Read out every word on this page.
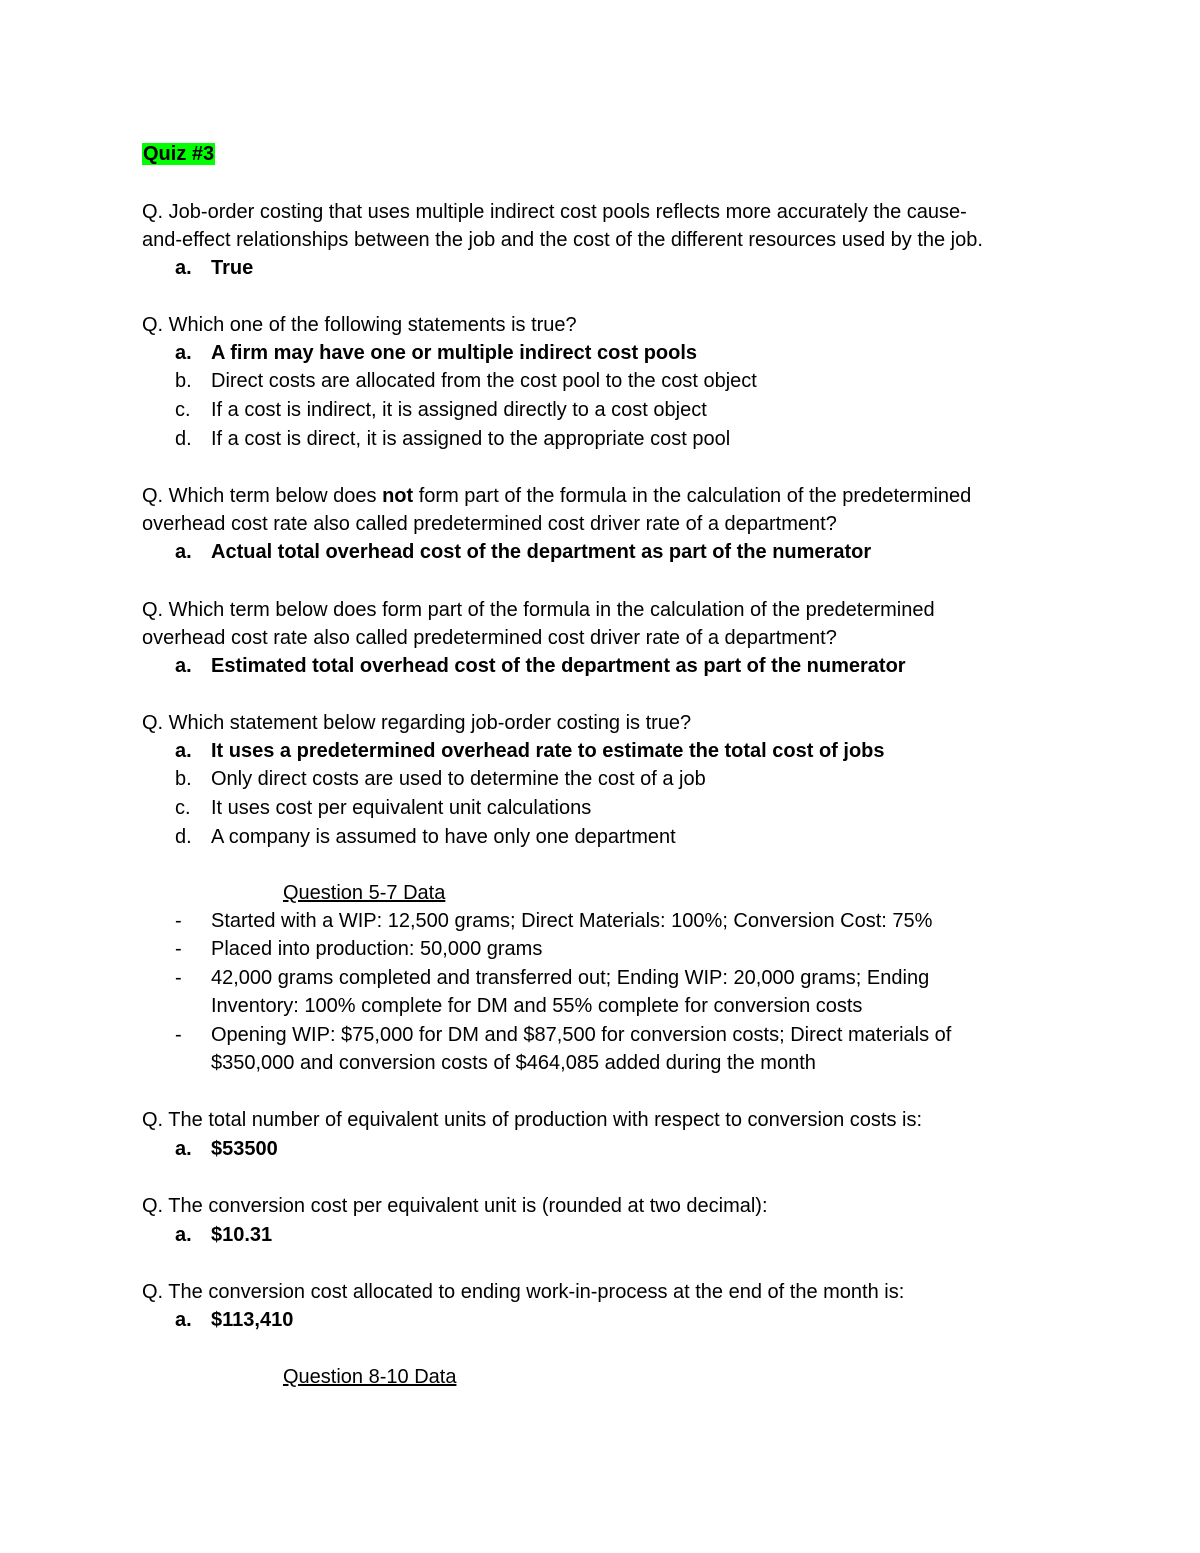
Quiz #3
Q. Job-order costing that uses multiple indirect cost pools reflects more accurately the cause-
and-effect relationships between the job and the cost of the different resources used by the job.
a. True
Q. Which one of the following statements is true?
a. A firm may have one or multiple indirect cost pools
b. Direct costs are allocated from the cost pool to the cost object
c. If a cost is indirect, it is assigned directly to a cost object
d. If a cost is direct, it is assigned to the appropriate cost pool
Q. Which term below does not form part of the formula in the calculation of the predetermined
overhead cost rate also called predetermined cost driver rate of a department?
a. Actual total overhead cost of the department as part of the numerator
Q. Which term below does form part of the formula in the calculation of the predetermined
overhead cost rate also called predetermined cost driver rate of a department?
a. Estimated total overhead cost of the department as part of the numerator
Q. Which statement below regarding job-order costing is true?
a. It uses a predetermined overhead rate to estimate the total cost of jobs
b. Only direct costs are used to determine the cost of a job
c. It uses cost per equivalent unit calculations
d. A company is assumed to have only one department
Question 5-7 Data
- Started with a WIP: 12,500 grams; Direct Materials: 100%; Conversion Cost: 75%
- Placed into production: 50,000 grams
- 42,000 grams completed and transferred out; Ending WIP: 20,000 grams; Ending
Inventory: 100% complete for DM and 55% complete for conversion costs
- Opening WIP: $75,000 for DM and $87,500 for conversion costs; Direct materials of
$350,000 and conversion costs of $464,085 added during the month
Q. The total number of equivalent units of production with respect to conversion costs is:
a. $53500
Q. The conversion cost per equivalent unit is (rounded at two decimal):
a. $10.31
Q. The conversion cost allocated to ending work-in-process at the end of the month is:
a. $113,410
Question 8-10 Data
